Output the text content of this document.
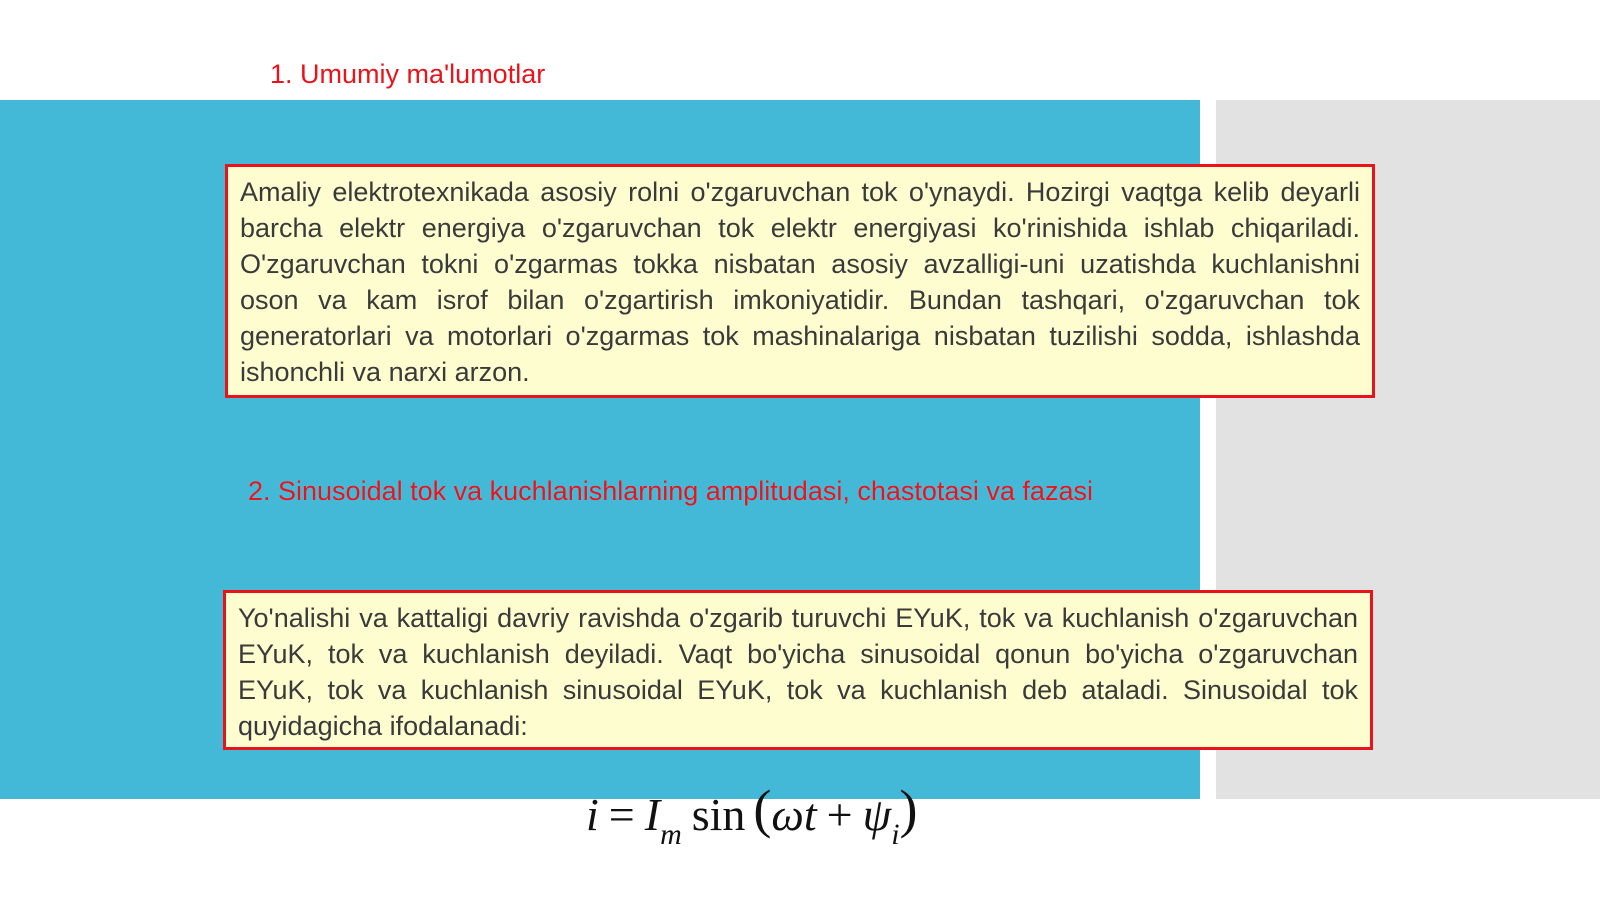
1. Umumiy ma'lumotlar

Amaliy elektrotexnikada asosiy rolni o'zgaruvchan tok o'ynaydi. Hozirgi vaqtga kelib deyarli barcha elektr energiya o'zgaruvchan tok elektr energiyasi ko'rinishida ishlab chiqariladi. O'zgaruvchan tokni o'zgarmas tokka nisbatan asosiy avzalligi-uni uzatishda kuchlanishni oson va kam isrof bilan o'zgartirish imkoniyatidir. Bundan tashqari, o'zgaruvchan tok generatorlari va motorlari o'zgarmas tok mashinalariga nisbatan tuzilishi sodda, ishlashda ishonchli va narxi arzon.

2. Sinusoidal tok va kuchlanishlarning amplitudasi, chastotasi va fazasi

Yo'nalishi va kattaligi davriy ravishda o'zgarib turuvchi EYuK, tok va kuchlanish o'zgaruvchan EYuK, tok va kuchlanish deyiladi. Vaqt bo'yicha sinusoidal qonun bo'yicha o'zgaruvchan EYuK, tok va kuchlanish sinusoidal EYuK, tok va kuchlanish deb ataladi. Sinusoidal tok quyidagicha ifodalanadi:

$i = I_m$ $\sin (\omega t + \psi_i)$
